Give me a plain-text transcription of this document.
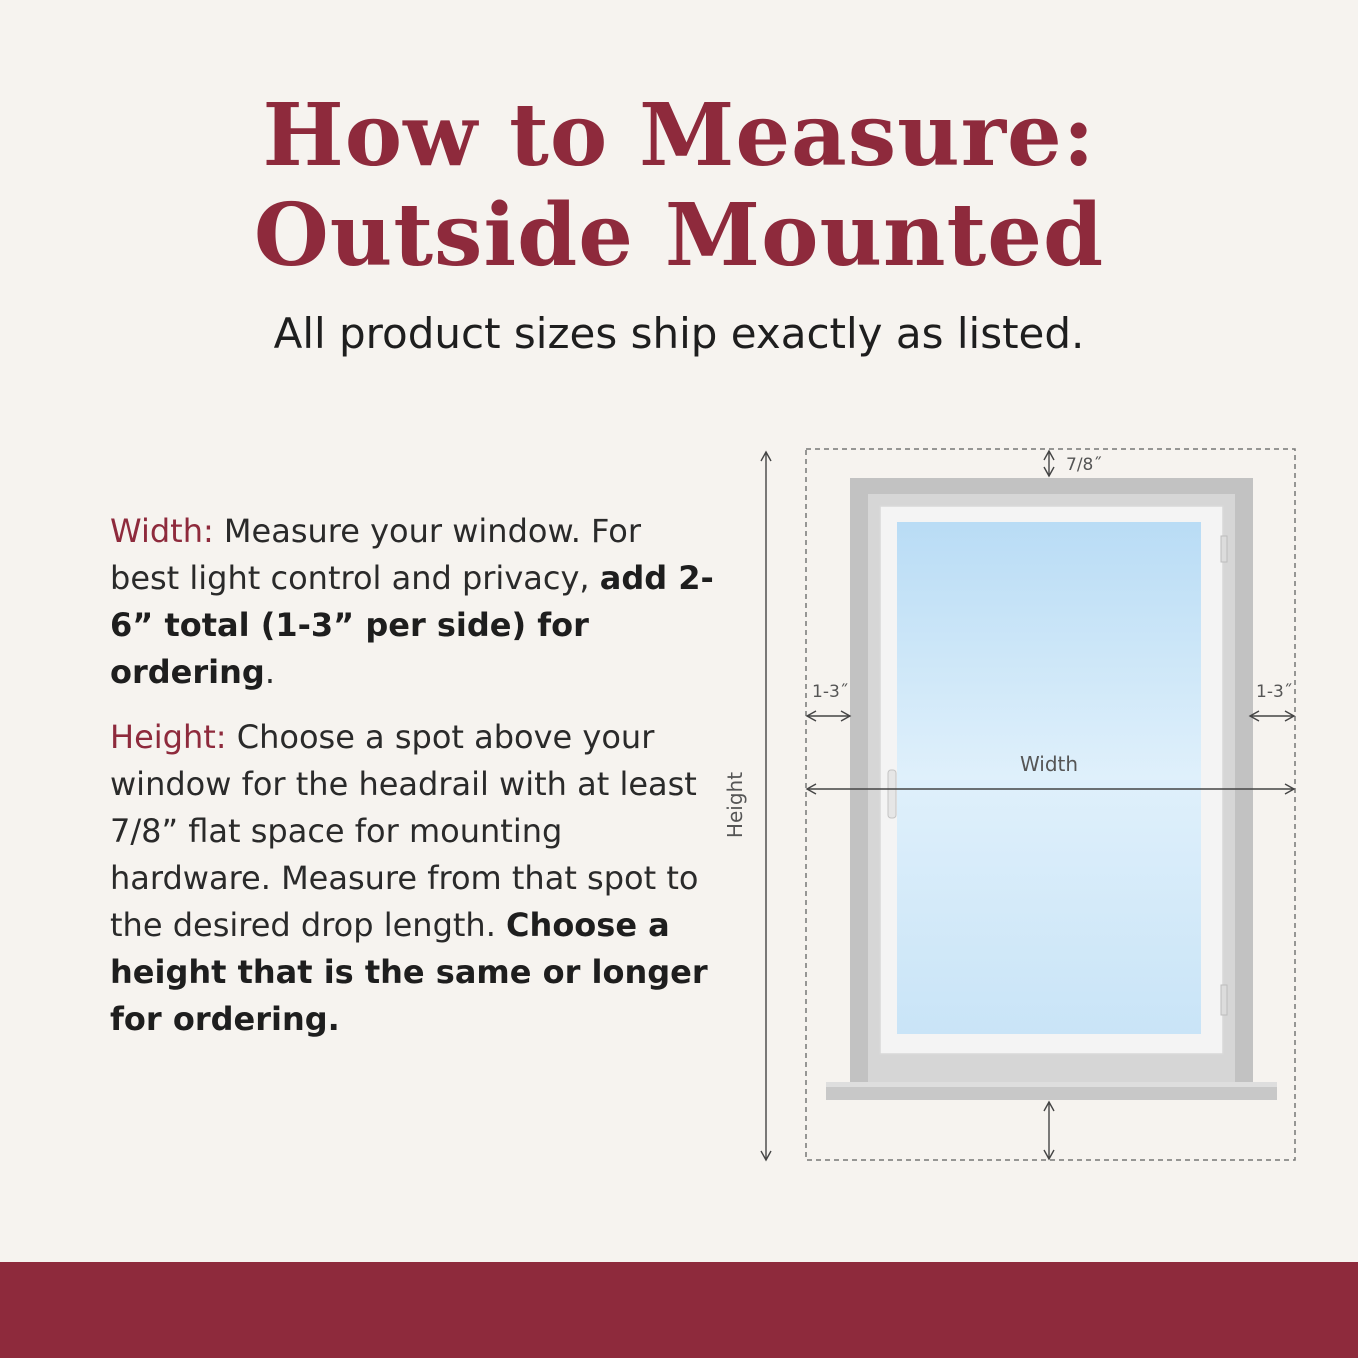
How to Measure:
Outside Mounted

All product sizes ship exactly as listed.

Width: Measure your window. For best light control and privacy, add 2-6” total (1-3” per side) for ordering.

Height: Choose a spot above your window for the headrail with at least 7/8” flat space for mounting hardware. Measure from that spot to the desired drop length. Choose a height that is the same or longer for ordering.

Height
Width
1-3˝	1-3˝
7/8˝
